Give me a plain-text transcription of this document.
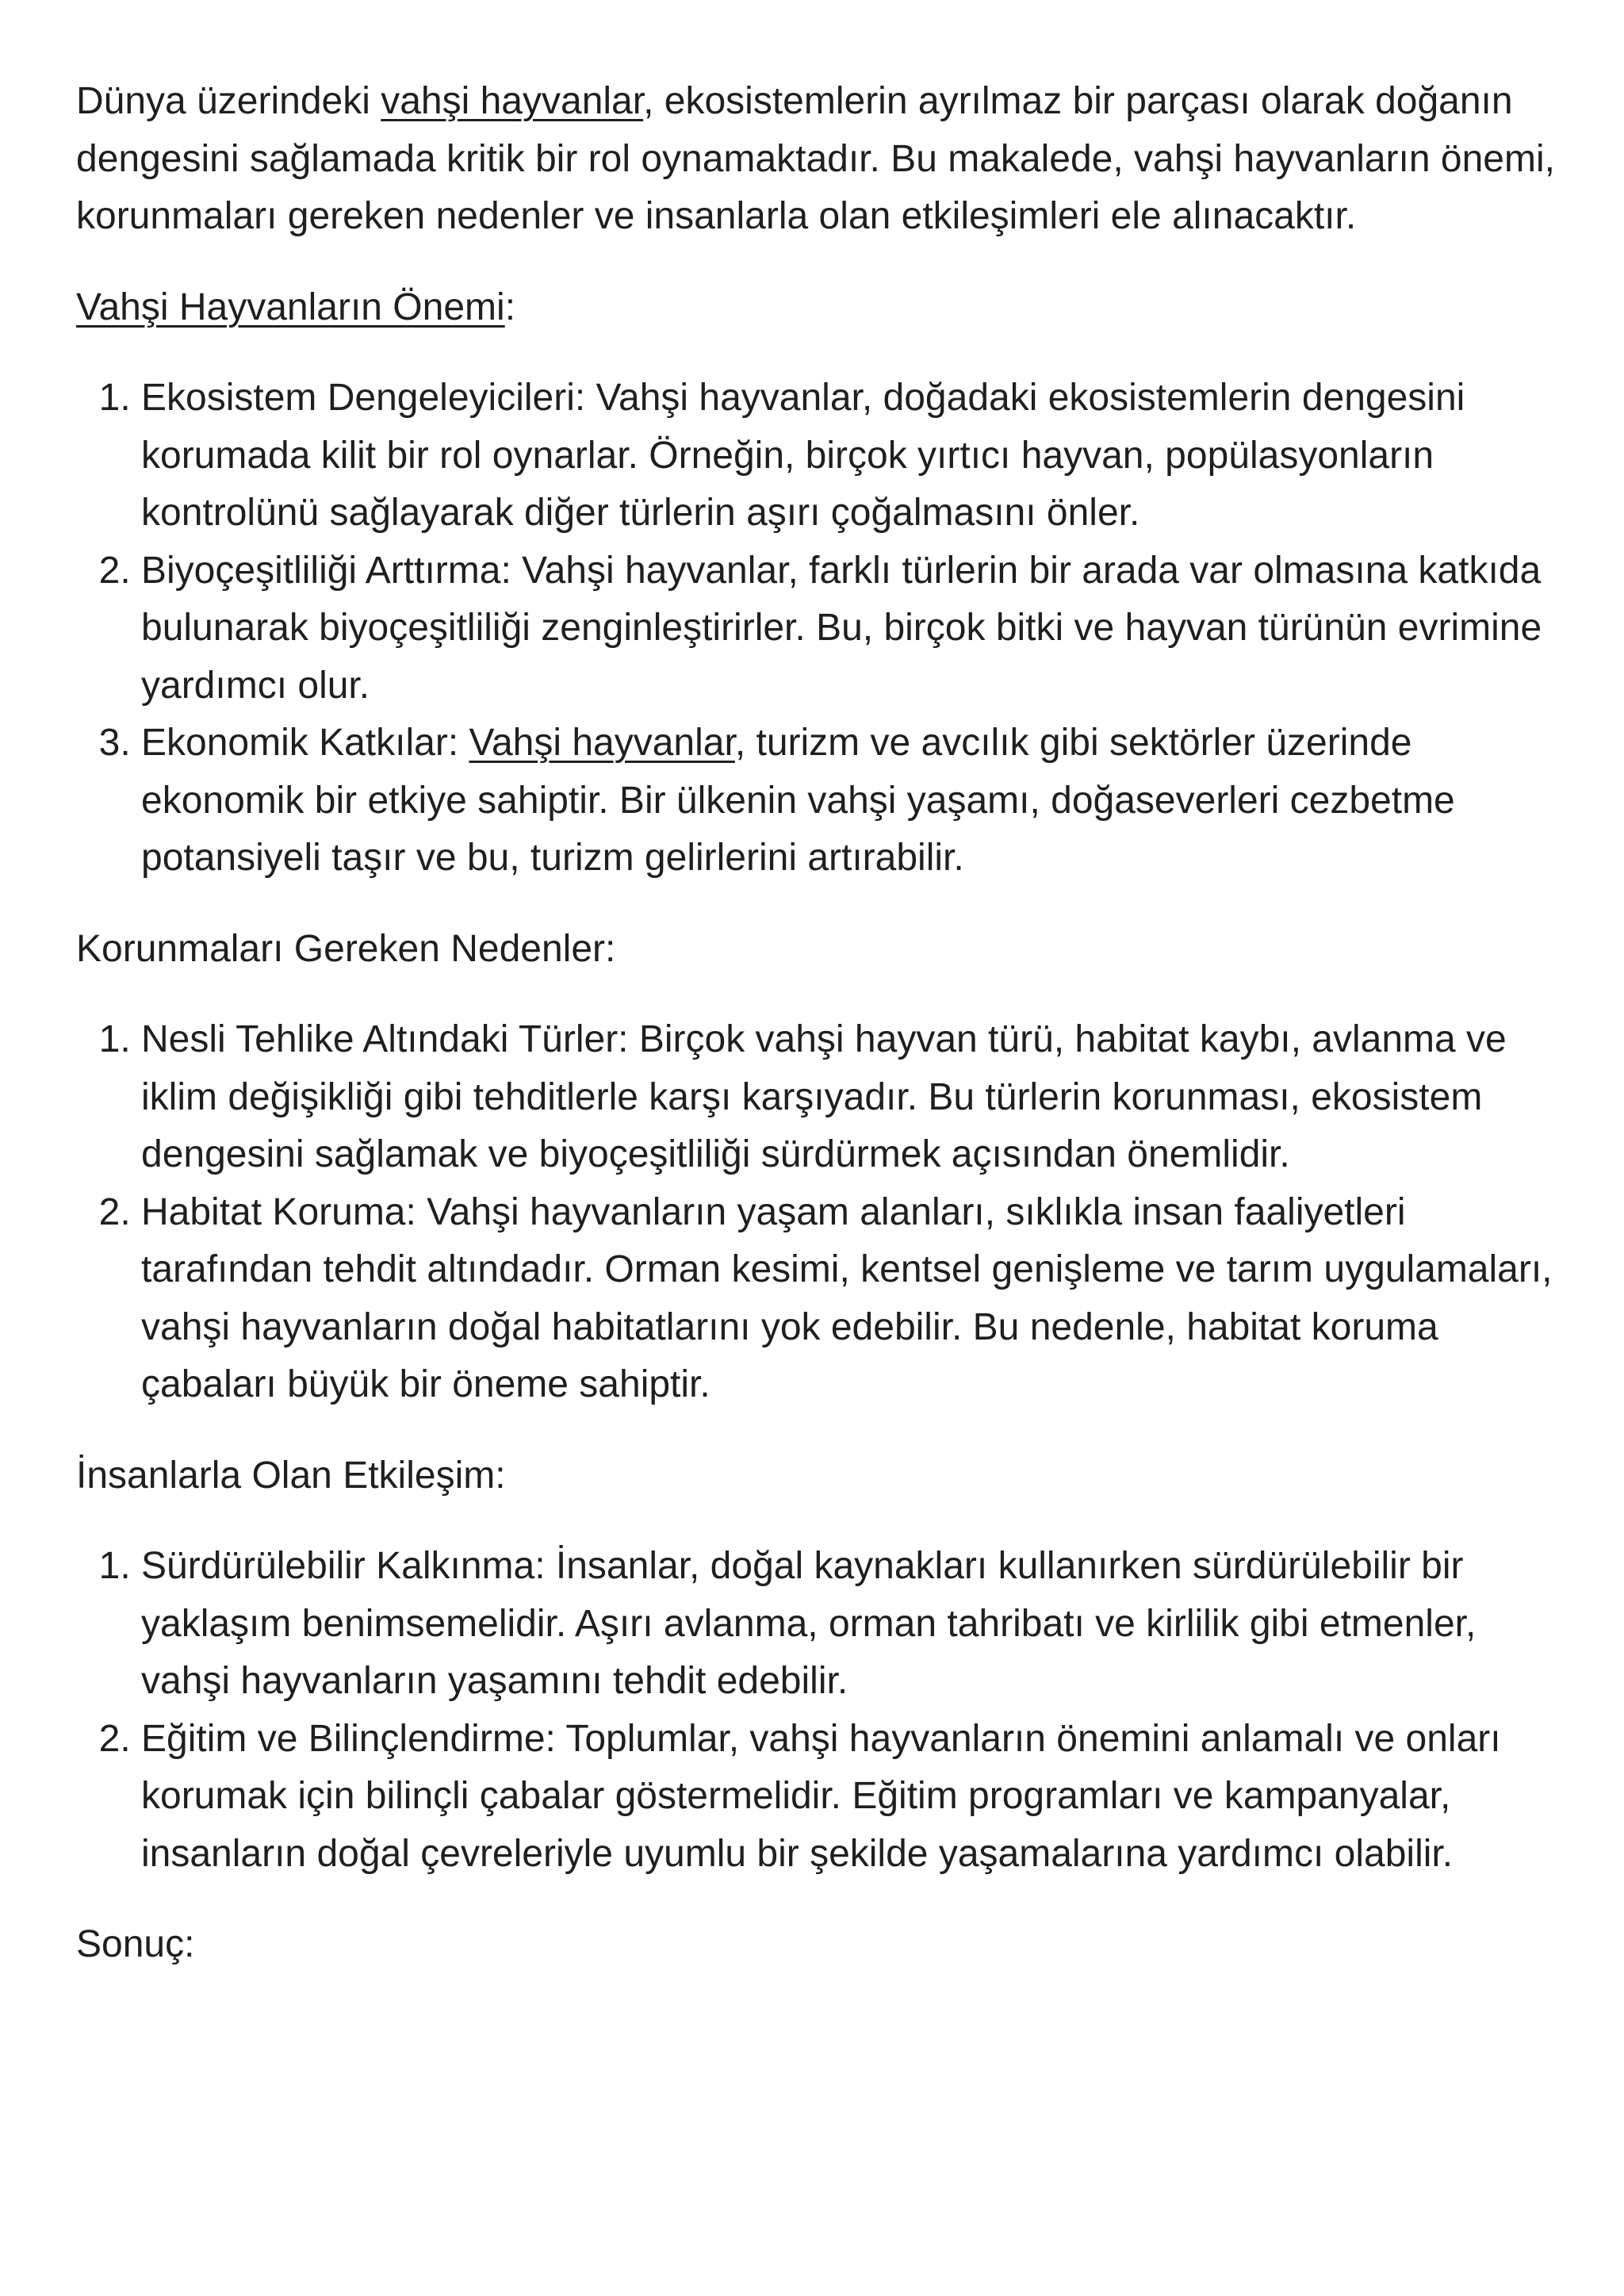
Dünya üzerindeki vahşi hayvanlar, ekosistemlerin ayrılmaz bir parçası olarak doğanın dengesini sağlamada kritik bir rol oynamaktadır. Bu makalede, vahşi hayvanların önemi, korunmaları gereken nedenler ve insanlarla olan etkileşimleri ele alınacaktır.

Vahşi Hayvanların Önemi:

1. Ekosistem Dengeleyicileri: Vahşi hayvanlar, doğadaki ekosistemlerin dengesini korumada kilit bir rol oynarlar. Örneğin, birçok yırtıcı hayvan, popülasyonların kontrolünü sağlayarak diğer türlerin aşırı çoğalmasını önler.
2. Biyoçeşitliliği Arttırma: Vahşi hayvanlar, farklı türlerin bir arada var olmasına katkıda bulunarak biyoçeşitliliği zenginleştirirler. Bu, birçok bitki ve hayvan türünün evrimine yardımcı olur.
3. Ekonomik Katkılar: Vahşi hayvanlar, turizm ve avcılık gibi sektörler üzerinde ekonomik bir etkiye sahiptir. Bir ülkenin vahşi yaşamı, doğaseverleri cezbetme potansiyeli taşır ve bu, turizm gelirlerini artırabilir.

Korunmaları Gereken Nedenler:

1. Nesli Tehlike Altındaki Türler: Birçok vahşi hayvan türü, habitat kaybı, avlanma ve iklim değişikliği gibi tehditlerle karşı karşıyadır. Bu türlerin korunması, ekosistem dengesini sağlamak ve biyoçeşitliliği sürdürmek açısından önemlidir.
2. Habitat Koruma: Vahşi hayvanların yaşam alanları, sıklıkla insan faaliyetleri tarafından tehdit altındadır. Orman kesimi, kentsel genişleme ve tarım uygulamaları, vahşi hayvanların doğal habitatlarını yok edebilir. Bu nedenle, habitat koruma çabaları büyük bir öneme sahiptir.

İnsanlarla Olan Etkileşim:

1. Sürdürülebilir Kalkınma: İnsanlar, doğal kaynakları kullanırken sürdürülebilir bir yaklaşım benimsemelidir. Aşırı avlanma, orman tahribatı ve kirlilik gibi etmenler, vahşi hayvanların yaşamını tehdit edebilir.
2. Eğitim ve Bilinçlendirme: Toplumlar, vahşi hayvanların önemini anlamalı ve onları korumak için bilinçli çabalar göstermelidir. Eğitim programları ve kampanyalar, insanların doğal çevreleriyle uyumlu bir şekilde yaşamalarına yardımcı olabilir.

Sonuç:
